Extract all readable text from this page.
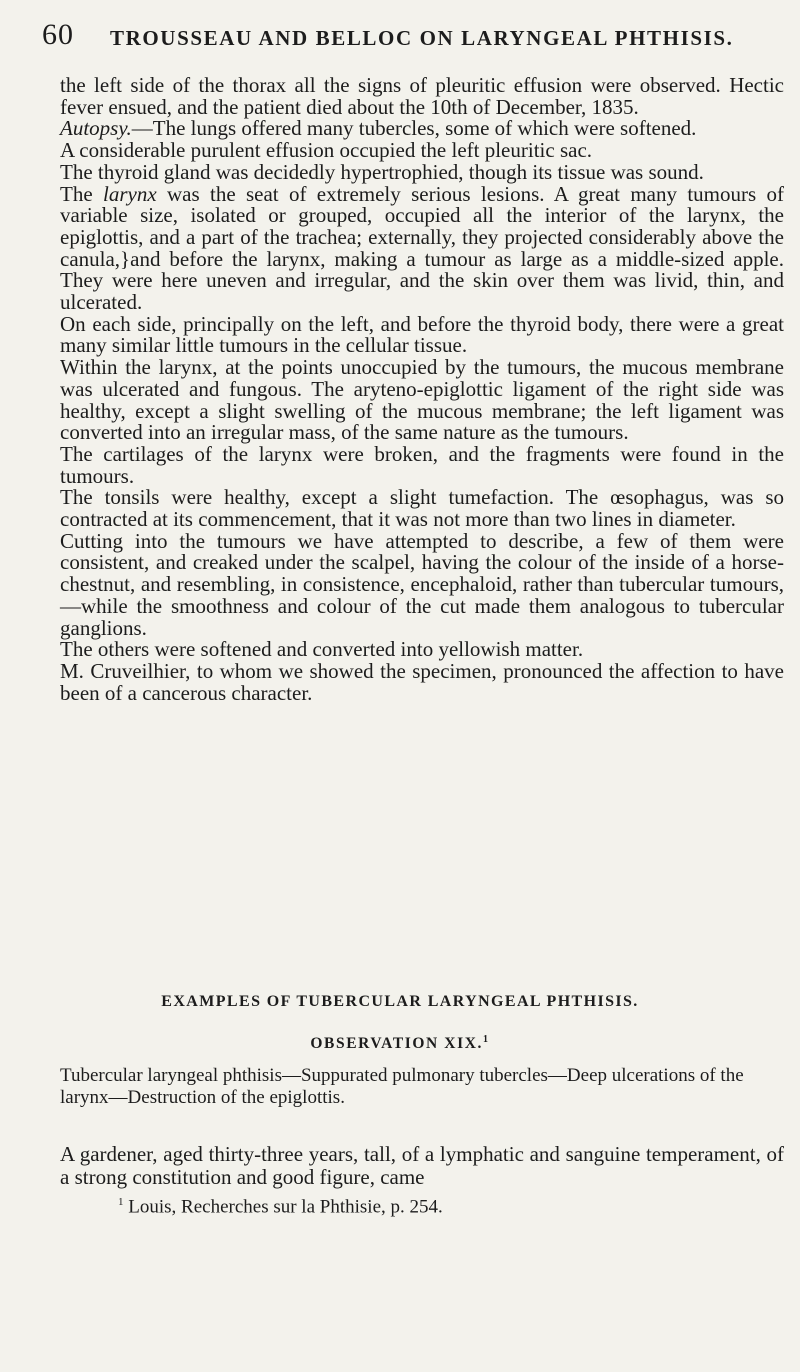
60 TROUSSEAU AND BELLOC ON LARYNGEAL PHTHISIS.

the left side of the thorax all the signs of pleuritic effusion were observed. Hectic fever ensued, and the patient died about the 10th of December, 1835.

Autopsy.—The lungs offered many tubercles, some of which were softened.

A considerable purulent effusion occupied the left pleuritic sac.

The thyroid gland was decidedly hypertrophied, though its tissue was sound.

The larynx was the seat of extremely serious lesions. A great many tumours of variable size, isolated or grouped, occupied all the interior of the larynx, the epiglottis, and a part of the trachea; externally, they projected considerably above the canula,}and before the larynx, making a tumour as large as a middle-sized apple. They were here uneven and irregular, and the skin over them was livid, thin, and ulcerated.

On each side, principally on the left, and before the thyroid body, there were a great many similar little tumours in the cellular tissue.

Within the larynx, at the points unoccupied by the tumours, the mucous membrane was ulcerated and fungous. The aryteno-epiglottic ligament of the right side was healthy, except a slight swelling of the mucous membrane; the left ligament was converted into an irregular mass, of the same nature as the tumours.

The cartilages of the larynx were broken, and the fragments were found in the tumours.

The tonsils were healthy, except a slight tumefaction. The œsophagus, was so contracted at its commencement, that it was not more than two lines in diameter.

Cutting into the tumours we have attempted to describe, a few of them were consistent, and creaked under the scalpel, having the colour of the inside of a horse-chestnut, and resembling, in consistence, encephaloid, rather than tubercular tumours,—while the smoothness and colour of the cut made them analogous to tubercular ganglions.

The others were softened and converted into yellowish matter.

M. Cruveilhier, to whom we showed the specimen, pronounced the affection to have been of a cancerous character.

EXAMPLES OF TUBERCULAR LARYNGEAL PHTHISIS.
OBSERVATION XIX.$^1$

Tubercular laryngeal phthisis—Suppurated pulmonary tubercles—Deep ulcerations of the larynx—Destruction of the epiglottis.

A gardener, aged thirty-three years, tall, of a lymphatic and sanguine temperament, of a strong constitution and good figure, came

$^1$ Louis, Recherches sur la Phthisie, p. 254.
